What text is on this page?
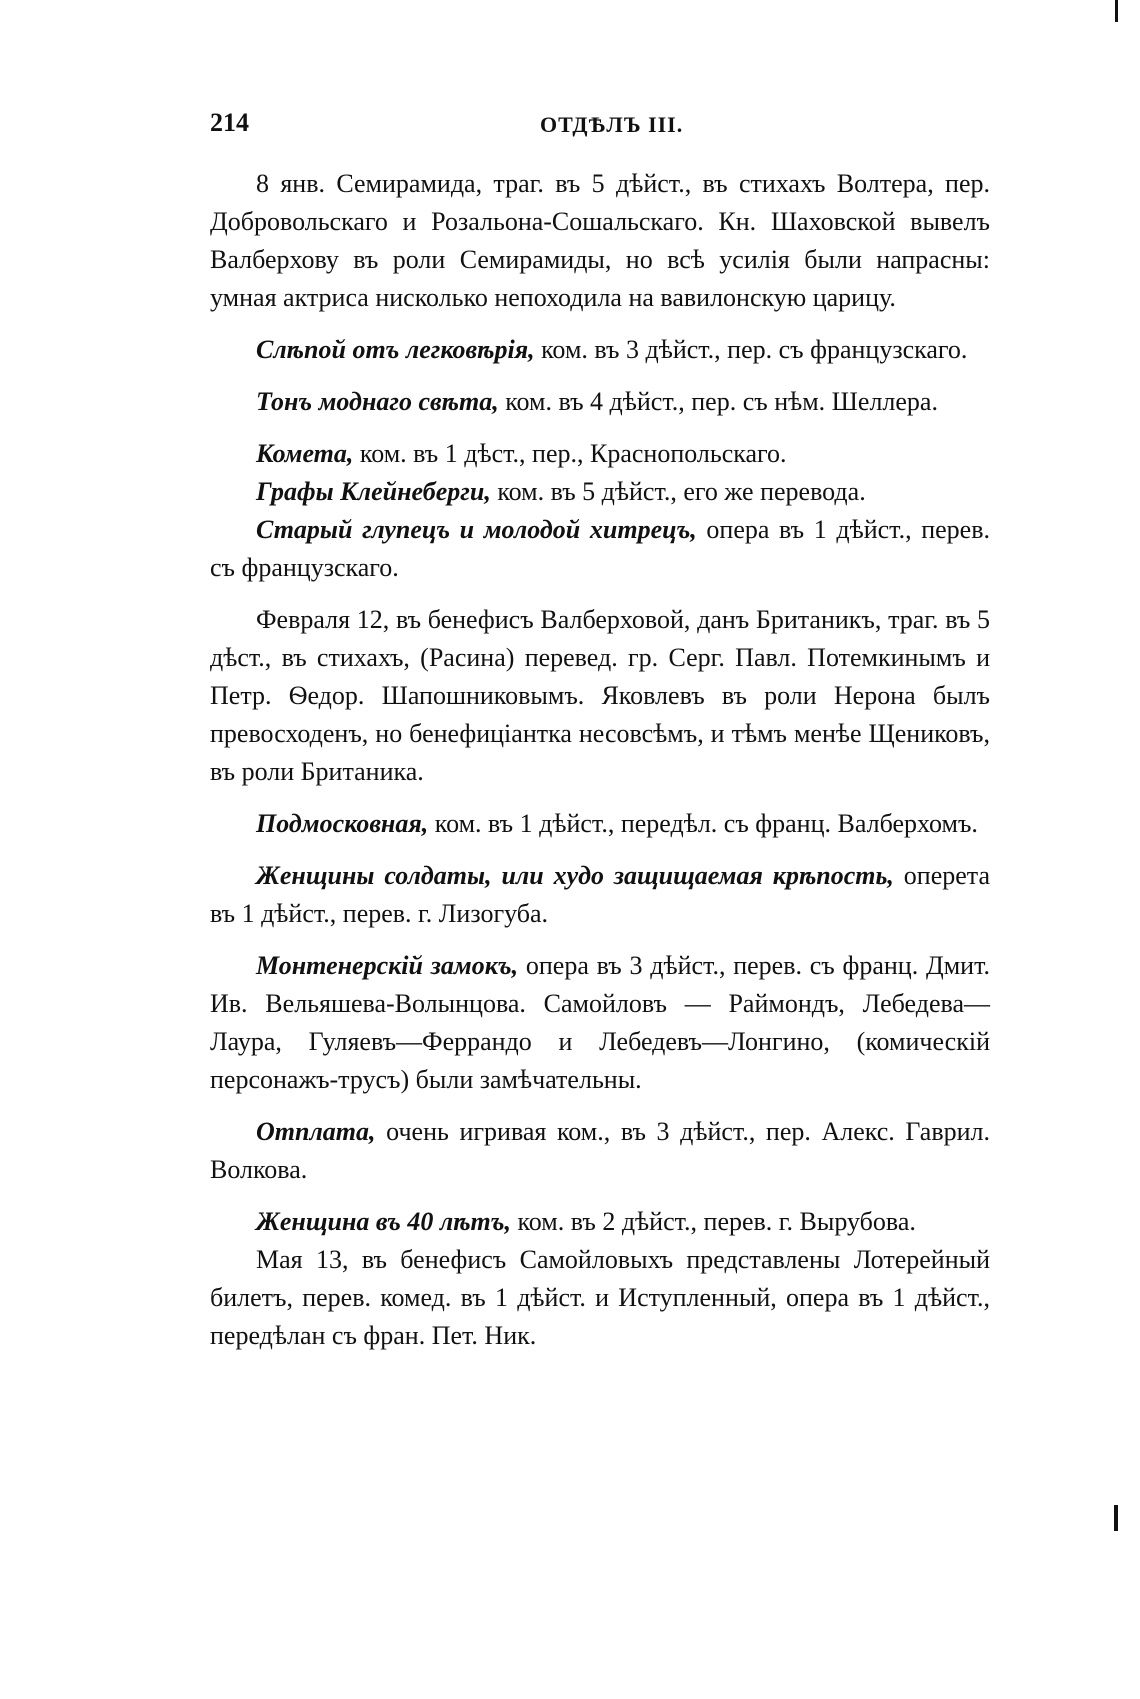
214	ОТДѢЛЪ III.

8 янв. Семирамида, траг. въ 5 дѣйст., въ стихахъ Волтера, пер. Добровольскаго и Розальона-Сошальскаго. Кн. Шаховской вывелъ Валберхову въ роли Семирамиды, но всѣ усилія были напрасны: умная актриса нисколько непоходила на вавилонскую царицу.

Слѣпой отъ легковѣрія, ком. въ 3 дѣйст., пер. съ французскаго.

Тонъ моднаго свѣта, ком. въ 4 дѣйст., пер. съ нѣм. Шеллера.

Комета, ком. въ 1 дѣст., пер., Краснопольскаго.

Графы Клейнеберги, ком. въ 5 дѣйст., его же перевода.

Старый глупецъ и молодой хитрецъ, опера въ 1 дѣйст., перев. съ французскаго.

Февраля 12, въ бенефисъ Валберховой, данъ Британикъ, траг. въ 5 дѣст., въ стихахъ, (Расина) перевед. гр. Серг. Павл. Потемкинымъ и Петр. Ѳедор. Шапошниковымъ. Яковлевъ въ роли Нерона былъ превосходенъ, но бенефиціантка несовсѣмъ, и тѣмъ менѣе Щениковъ, въ роли Британика.

Подмосковная, ком. въ 1 дѣйст., передѣл. съ франц. Валберхомъ.

Женщины солдаты, или худо защищаемая крѣпость, оперета въ 1 дѣйст., перев. г. Лизогуба.

Монтенерскій замокъ, опера въ 3 дѣйст., перев. съ франц. Дмит. Ив. Вельяшева-Волынцова. Самойловъ — Раймондъ, Лебедева—Лаура, Гуляевъ—Феррандо и Лебедевъ—Лонгино, (комическій персонажъ-трусъ) были замѣчательны.

Отплата, очень игривая ком., въ 3 дѣйст., пер. Алекс. Гаврил. Волкова.

Женщина въ 40 лѣтъ, ком. въ 2 дѣйст., перев. г. Вырубова.

Мая 13, въ бенефисъ Самойловыхъ представлены Лотерейный билетъ, перев. комед. въ 1 дѣйст. и Иступленный, опера въ 1 дѣйст., передѣлан съ фран. Пет. Ник.
